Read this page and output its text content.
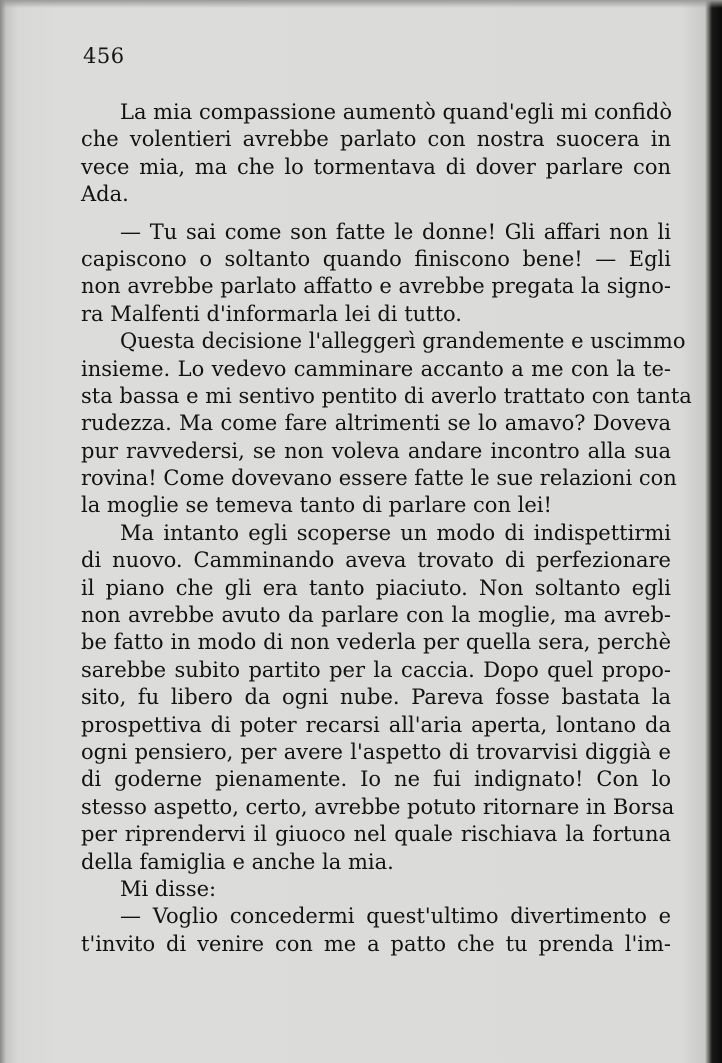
456
La mia compassione aumentò quand'egli mi confidò
che volentieri avrebbe parlato con nostra suocera in
vece mia, ma che lo tormentava di dover parlare con
Ada.
— Tu sai come son fatte le donne! Gli affari non li
capiscono o soltanto quando finiscono bene! — Egli
non avrebbe parlato affatto e avrebbe pregata la signo-
ra Malfenti d'informarla lei di tutto.
Questa decisione l'alleggerì grandemente e uscimmo
insieme. Lo vedevo camminare accanto a me con la te-
sta bassa e mi sentivo pentito di averlo trattato con tanta
rudezza. Ma come fare altrimenti se lo amavo? Doveva
pur ravvedersi, se non voleva andare incontro alla sua
rovina! Come dovevano essere fatte le sue relazioni con
la moglie se temeva tanto di parlare con lei!
Ma intanto egli scoperse un modo di indispettirmi
di nuovo. Camminando aveva trovato di perfezionare
il piano che gli era tanto piaciuto. Non soltanto egli
non avrebbe avuto da parlare con la moglie, ma avreb-
be fatto in modo di non vederla per quella sera, perchè
sarebbe subito partito per la caccia. Dopo quel propo-
sito, fu libero da ogni nube. Pareva fosse bastata la
prospettiva di poter recarsi all'aria aperta, lontano da
ogni pensiero, per avere l'aspetto di trovarvisi diggià e
di goderne pienamente. Io ne fui indignato! Con lo
stesso aspetto, certo, avrebbe potuto ritornare in Borsa
per riprendervi il giuoco nel quale rischiava la fortuna
della famiglia e anche la mia.
Mi disse:
— Voglio concedermi quest'ultimo divertimento e
t'invito di venire con me a patto che tu prenda l'im-
